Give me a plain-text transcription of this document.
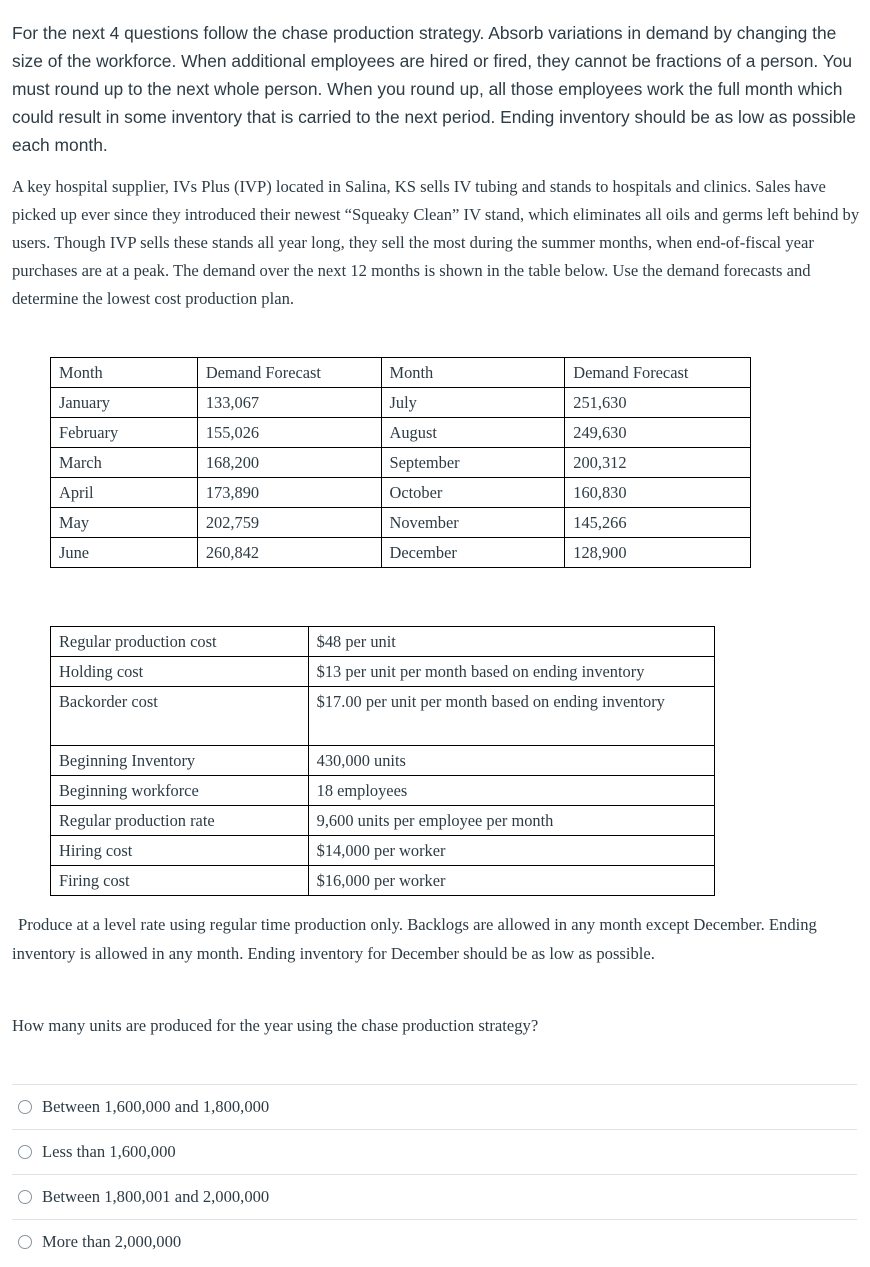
For the next 4 questions follow the chase production strategy. Absorb variations in demand by changing the size of the workforce. When additional employees are hired or fired, they cannot be fractions of a person. You must round up to the next whole person. When you round up, all those employees work the full month which could result in some inventory that is carried to the next period. Ending inventory should be as low as possible each month.

A key hospital supplier, IVs Plus (IVP) located in Salina, KS sells IV tubing and stands to hospitals and clinics. Sales have picked up ever since they introduced their newest “Squeaky Clean” IV stand, which eliminates all oils and germs left behind by users. Though IVP sells these stands all year long, they sell the most during the summer months, when end-of-fiscal year purchases are at a peak. The demand over the next 12 months is shown in the table below. Use the demand forecasts and determine the lowest cost production plan.

Month	Demand Forecast	Month	Demand Forecast
January	133,067	July	251,630
February	155,026	August	249,630
March	168,200	September	200,312
April	173,890	October	160,830
May	202,759	November	145,266
June	260,842	December	128,900
Regular production cost	$48 per unit
Holding cost	$13 per unit per month based on ending inventory
Backorder cost	$17.00 per unit per month based on ending inventory
Beginning Inventory	430,000 units
Beginning workforce	18 employees
Regular production rate	9,600 units per employee per month
Hiring cost	$14,000 per worker
Firing cost	$16,000 per worker

Produce at a level rate using regular time production only. Backlogs are allowed in any month except December. Ending inventory is allowed in any month. Ending inventory for December should be as low as possible.

How many units are produced for the year using the chase production strategy?

Between 1,600,000 and 1,800,000
Less than 1,600,000
Between 1,800,001 and 2,000,000
More than 2,000,000
